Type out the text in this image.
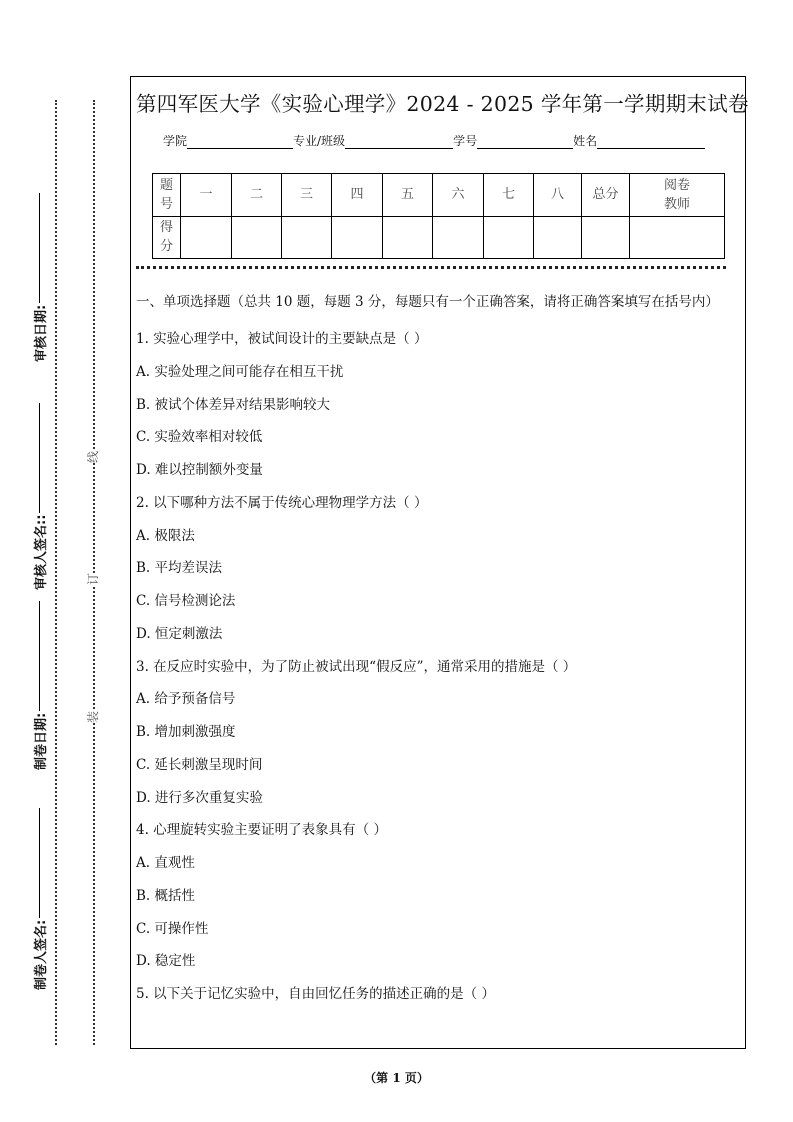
装
订
线
制卷人签名:
制卷日期:
审核人签名::
审核日期:
第四军医大学《实验心理学》2024 - 2025 学年第一学期期末试卷
学院	专业/班级	学号	姓名
题号	一	二	三	四	五	六	七	八	总分	阅卷教师
得分										

一、单项选择题（总共 10 题，每题 3 分，每题只有一个正确答案，请将正确答案填写在括号内）

1. 实验心理学中，被试间设计的主要缺点是（ ）

A. 实验处理之间可能存在相互干扰

B. 被试个体差异对结果影响较大

C. 实验效率相对较低

D. 难以控制额外变量

2. 以下哪种方法不属于传统心理物理学方法（ ）

A. 极限法

B. 平均差误法

C. 信号检测论法

D. 恒定刺激法

3. 在反应时实验中，为了防止被试出现“假反应”，通常采用的措施是（ ）

A. 给予预备信号

B. 增加刺激强度

C. 延长刺激呈现时间

D. 进行多次重复实验

4. 心理旋转实验主要证明了表象具有（ ）

A. 直观性

B. 概括性

C. 可操作性

D. 稳定性

5. 以下关于记忆实验中，自由回忆任务的描述正确的是（ ）

（第 1 页）
